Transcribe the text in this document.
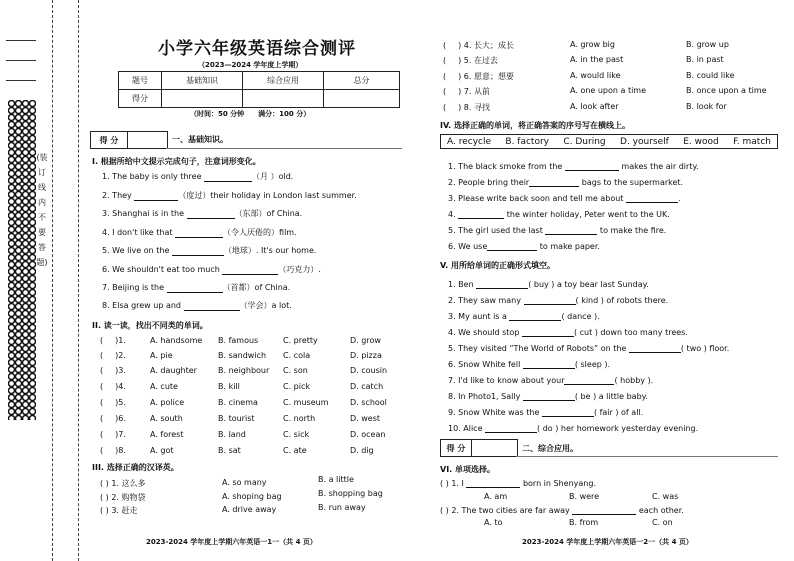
(装 订 线 内 不 要 答 题)
小学六年级英语综合测评
（2023—2024 学年度上学期）
题号	基础知识	综合应用	总分
得分			
（时间：50 分钟　　满分：100 分）
得 分	一、基础知识。
I. 根据所给中文提示完成句子，注意词形变化。
1. The baby is only three	（月 ）old.
2. They	（度过）their holiday in London last summer.
3. Shanghai is in the	（东部）of China.
4. I don't like that	（令人厌倦的）film.
5. We live on the	（地球）. It's our home.
6. We shouldn't eat too much	（巧克力）.
7. Beijing is the	（首都）of China.
8. Elsa grew up and	（学会）a lot.
II. 读一读，找出不同类的单词。
( )1.	A. handsome B. famous	C. pretty	D. grow
( )2.	A. pie	B. sandwich C. cola	D. pizza
( )3.	A. daughter	B. neighbour C. son	D. cousin
( )4.	A. cute	B. kill	C. pick	D. catch
( )5.	A. police	B. cinema	C. museum	D. school
( )6.	A. south	B. tourist	C. north	D. west
( )7.	A. forest	B. land	C. sick	D. ocean
( )8.	A. got	B. sat	C. ate	D. dig
III. 选择正确的汉译英。
( ) 1. 这么多	A. so many	B. a little
( ) 2. 购物袋	A. shoping bag	B. shopping bag
( ) 3. 赶走	A. drive away	B. run away
2023-2024 学年度上学期六年英语一1一（共 4 页）
( ) 4. 长大；成长	A. grow big	B. grow up
( ) 5. 在过去	A. in the past	B. in past
( ) 6. 愿意；想要	A. would like	B. could like
( ) 7. 从前	A. one upon a time	B. once upon a time
( ) 8. 寻找	A. look after	B. look for
IV. 选择正确的单词，将正确答案的序号写在横线上。
A. recycle B. factory C. During D. yourself E. wood F. match
1. The black smoke from the	makes the air dirty.
2. People bring their	bags to the supermarket.
3. Please write back soon and tell me about	.
4.	the winter holiday, Peter went to the UK.
5. The girl used the last	to make the fire.
6. We use	to make paper.
V. 用所给单词的正确形式填空。
1. Ben	( buy ) a toy bear last Sunday.
2. They saw many	( kind ) of robots there.
3. My aunt is a	( dance ).
4. We should stop	( cut ) down too many trees.
5. They visited “The World of Robots” on the	( two ) floor.
6. Snow White fell	( sleep ).
7. I'd like to know about your	( hobby ).
8. In Photo1, Sally	( be ) a little baby.
9. Snow White was the	( fair ) of all.
10. Alice	( do ) her homework yesterday evening.
得 分	二、综合应用。
VI. 单项选择。
( ) 1. I	born in Shenyang.
A. am	B. were	C. was
( ) 2. The two cities are far away	each other.
A. to	B. from	C. on
2023-2024 学年度上学期六年英语一2一（共 4 页）
